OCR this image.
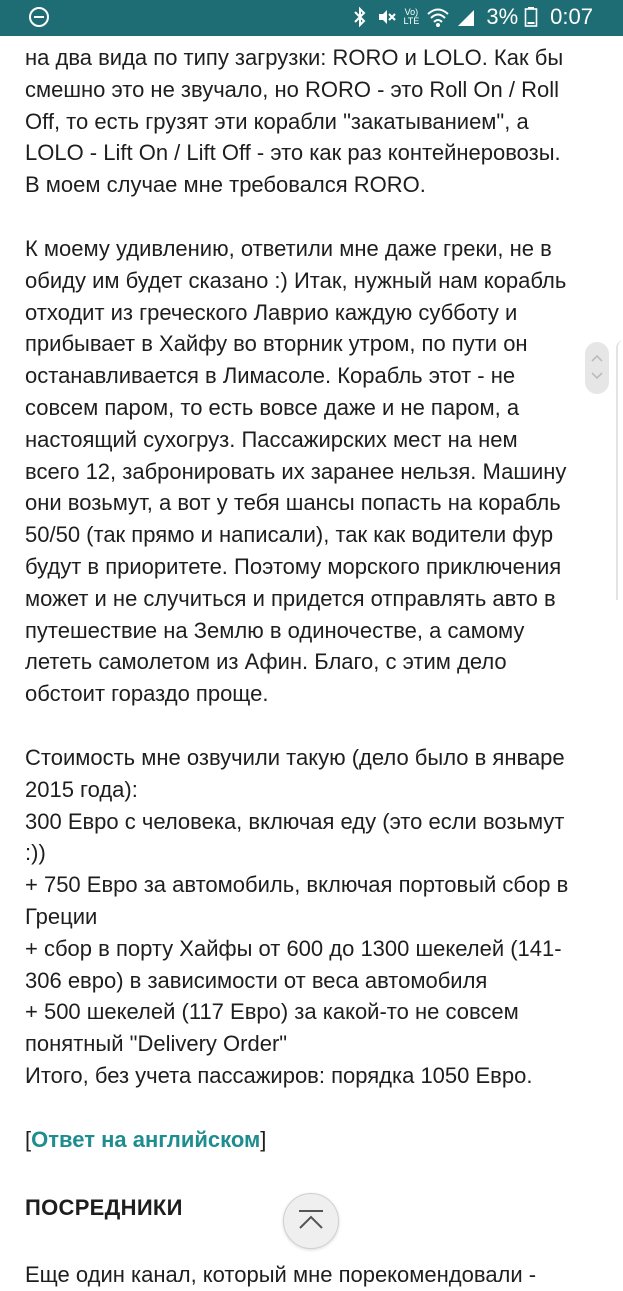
Vo)
LTE	3% 0:07

на два вида по типу загрузки: RORO и LOLO. Как бы
смешно это не звучало, но RORO - это Roll On / Roll
Off, то есть грузят эти корабли "закатыванием", а
LOLO - Lift On / Lift Off - это как раз контейнеровозы.
В моем случае мне требовался RORO.

К моему удивлению, ответили мне даже греки, не в
обиду им будет сказано :) Итак, нужный нам корабль
отходит из греческого Лаврио каждую субботу и
прибывает в Хайфу во вторник утром, по пути он
останавливается в Лимасоле. Корабль этот - не
совсем паром, то есть вовсе даже и не паром, а
настоящий сухогруз. Пассажирских мест на нем
всего 12, забронировать их заранее нельзя. Машину
они возьмут, а вот у тебя шансы попасть на корабль
50/50 (так прямо и написали), так как водители фур
будут в приоритете. Поэтому морского приключения
может и не случиться и придется отправлять авто в
путешествие на Землю в одиночестве, а самому
лететь самолетом из Афин. Благо, с этим дело
обстоит гораздо проще.

Стоимость мне озвучили такую (дело было в январе
2015 года):

300 Евро с человека, включая еду (это если возьмут
:))

+ 750 Евро за автомобиль, включая портовый сбор в
Греции

+ сбор в порту Хайфы от 600 до 1300 шекелей (141-
306 евро) в зависимости от веса автомобиля

+ 500 шекелей (117 Евро) за какой-то не совсем
понятный "Delivery Order"

Итого, без учета пассажиров: порядка 1050 Евро.

[Ответ на английском]

ПОСРЕДНИКИ

Еще один канал, который мне порекомендовали -
